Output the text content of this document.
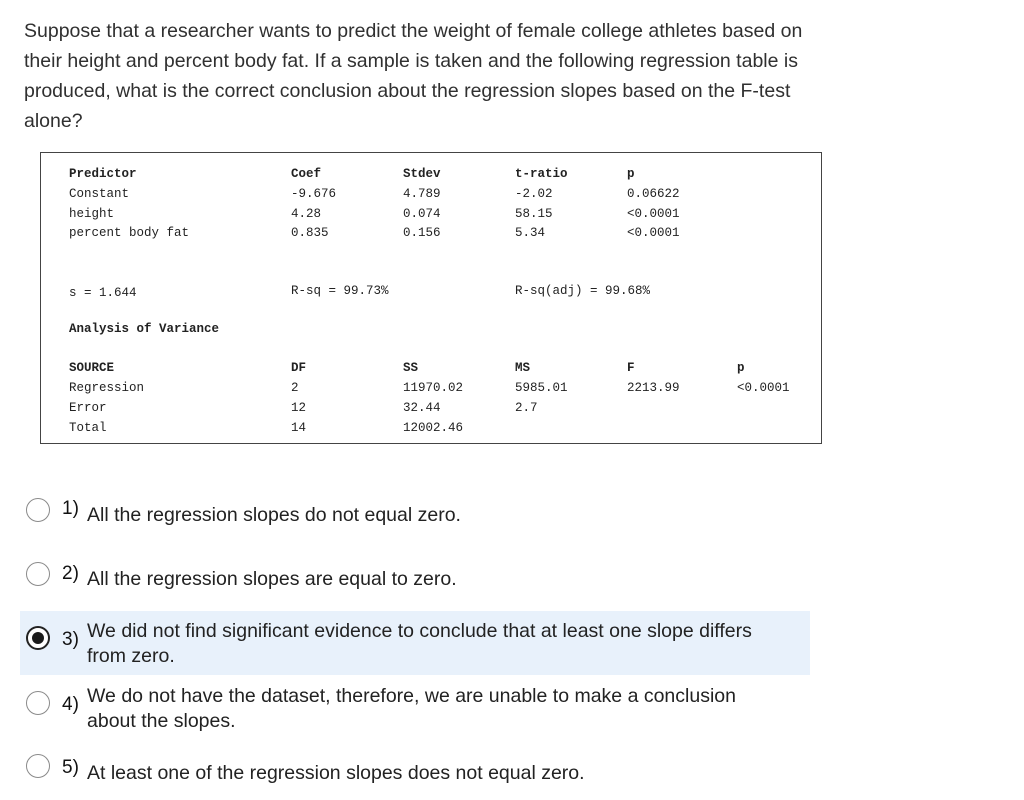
Suppose that a researcher wants to predict the weight of female college athletes based on their height and percent body fat. If a sample is taken and the following regression table is produced, what is the correct conclusion about the regression slopes based on the F-test alone?

Predictor	Coef	Stdev	t-ratio	p
Constant	-9.676	4.789	-2.02	0.06622
height	4.28	0.074	58.15	<0.0001
percent body fat	0.835	0.156	5.34	<0.0001
s = 1.644	R-sq = 99.73%	R-sq(adj) = 99.68%
Analysis of Variance
SOURCE	DF	SS	MS	F	p
Regression	2	11970.02	5985.01	2213.99	<0.0001
Error	12	32.44	2.7
Total	14	12002.46
1) All the regression slopes do not equal zero.
2) All the regression slopes are equal to zero.
3) We did not find significant evidence to conclude that at least one slope differs from zero.
4) We do not have the dataset, therefore, we are unable to make a conclusion about the slopes.
5) At least one of the regression slopes does not equal zero.
